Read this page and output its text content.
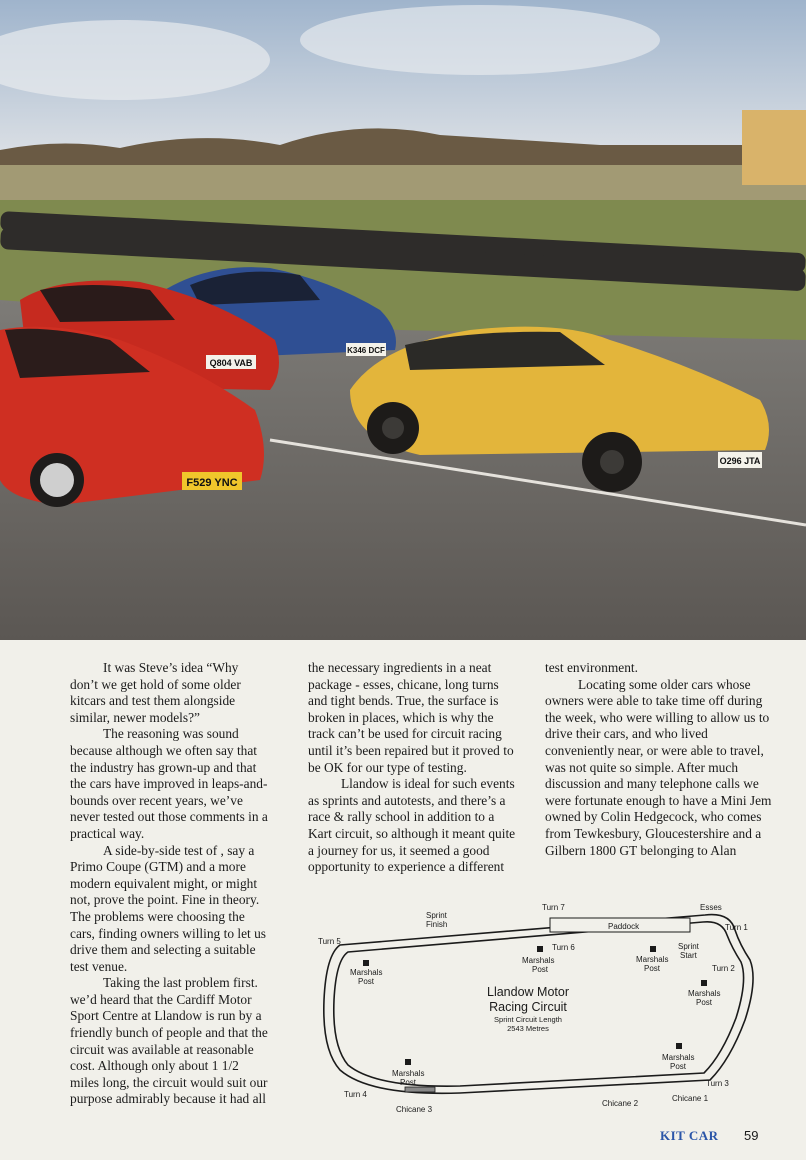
F529 YNC
Q804 VAB
K346 DCF
O296 JTA

It was Steve’s idea “Why don’t we get hold of some older kitcars and test them alongside similar, newer models?”

The reasoning was sound because although we often say that the industry has grown-up and that the cars have improved in leaps-and-bounds over recent years, we’ve never tested out those comments in a practical way.

A side-by-side test of , say a Primo Coupe (GTM) and a more modern equivalent might, or might not, prove the point. Fine in theory. The problems were choosing the cars, finding owners willing to let us drive them and selecting a suitable test venue.

Taking the last problem first. we’d heard that the Cardiff Motor Sport Centre at Llandow is run by a friendly bunch of people and that the circuit was available at reasonable cost. Although only about 1 1/2 miles long, the circuit would suit our purpose admirably because it had all

the necessary ingredients in a neat package - esses, chicane, long turns and tight bends. True, the surface is broken in places, which is why the track can’t be used for circuit racing until it’s been repaired but it proved to be OK for our type of testing.

Llandow is ideal for such events as sprints and autotests, and there’s a race & rally school in addition to a Kart circuit, so although it meant quite a journey for us, it seemed a good opportunity to experience a different

test environment.

Locating some older cars whose owners were able to take time off during the week, who were willing to allow us to drive their cars, and who lived conveniently near, or were able to travel, was not quite so simple. After much discussion and many telephone calls we were fortunate enough to have a Mini Jem owned by Colin Hedgecock, who comes from Tewkesbury, Gloucestershire and a Gilbern 1800 GT belonging to Alan

Turn 7	Esses
Turn 1
Paddock
Sprint
Finish
Turn 5
Turn 6	Sprint
Start
Turn 2
Marshals
Post
Marshals
Post
Marshals
Post
Marshals
Post
Marshals
Post
Marshals
Post	Turn 3
Turn 4	Chicane 1
Chicane 2
Chicane 3
Llandow Motor
Racing Circuit
Sprint Circuit Length
2543 Metres
KIT CAR 59
